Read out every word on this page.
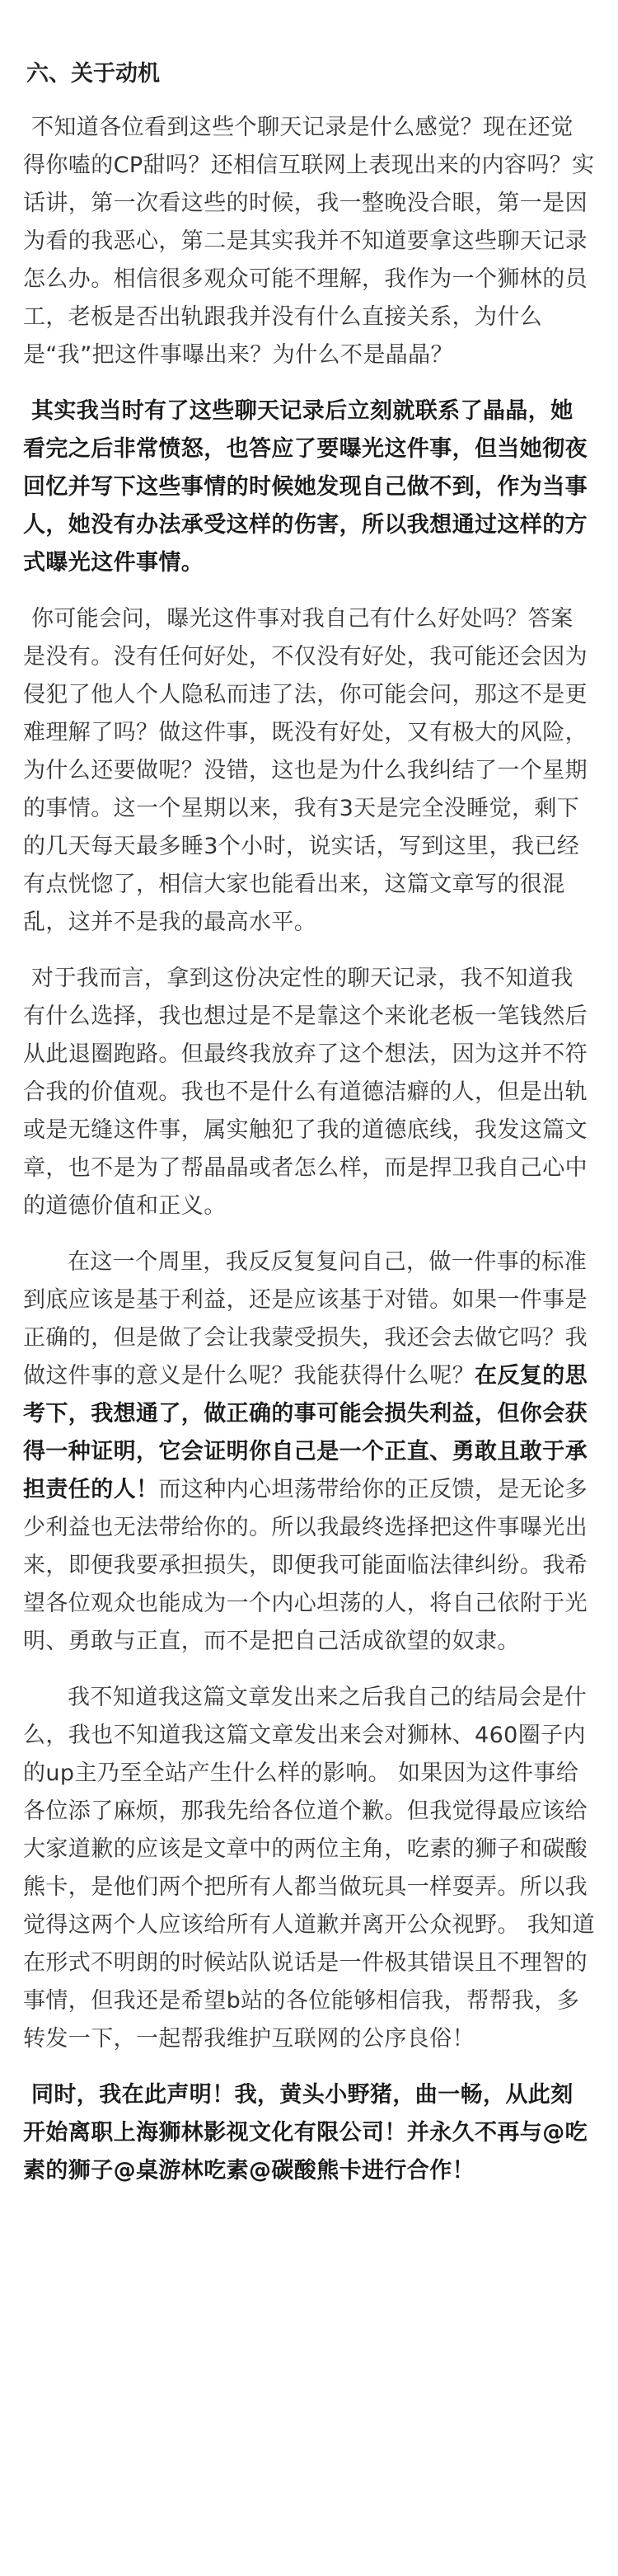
六、关于动机

不知道各位看到这些个聊天记录是什么感觉？现在还觉得你嗑的CP甜吗？还相信互联网上表现出来的内容吗？实话讲，第一次看这些的时候，我一整晚没合眼，第一是因为看的我恶心，第二是其实我并不知道要拿这些聊天记录怎么办。相信很多观众可能不理解，我作为一个狮林的员工，老板是否出轨跟我并没有什么直接关系，为什么是“我”把这件事曝出来？为什么不是晶晶？

其实我当时有了这些聊天记录后立刻就联系了晶晶，她看完之后非常愤怒，也答应了要曝光这件事，但当她彻夜回忆并写下这些事情的时候她发现自己做不到，作为当事人，她没有办法承受这样的伤害，所以我想通过这样的方式曝光这件事情。

你可能会问，曝光这件事对我自己有什么好处吗？答案是没有。没有任何好处，不仅没有好处，我可能还会因为侵犯了他人个人隐私而违了法，你可能会问，那这不是更难理解了吗？做这件事，既没有好处，又有极大的风险，为什么还要做呢？没错，这也是为什么我纠结了一个星期的事情。这一个星期以来，我有3天是完全没睡觉，剩下的几天每天最多睡3个小时，说实话，写到这里，我已经有点恍惚了，相信大家也能看出来，这篇文章写的很混乱，这并不是我的最高水平。

对于我而言，拿到这份决定性的聊天记录，我不知道我有什么选择，我也想过是不是靠这个来讹老板一笔钱然后从此退圈跑路。但最终我放弃了这个想法，因为这并不符合我的价值观。我也不是什么有道德洁癖的人，但是出轨或是无缝这件事，属实触犯了我的道德底线，我发这篇文章，也不是为了帮晶晶或者怎么样，而是捍卫我自己心中的道德价值和正义。

在这一个周里，我反反复复问自己，做一件事的标准到底应该是基于利益，还是应该基于对错。如果一件事是正确的，但是做了会让我蒙受损失，我还会去做它吗？我做这件事的意义是什么呢？我能获得什么呢？在反复的思考下，我想通了，做正确的事可能会损失利益，但你会获得一种证明，它会证明你自己是一个正直、勇敢且敢于承担责任的人！而这种内心坦荡带给你的正反馈，是无论多少利益也无法带给你的。所以我最终选择把这件事曝光出来，即便我要承担损失，即便我可能面临法律纠纷。我希望各位观众也能成为一个内心坦荡的人，将自己依附于光明、勇敢与正直，而不是把自己活成欲望的奴隶。

我不知道我这篇文章发出来之后我自己的结局会是什么，我也不知道我这篇文章发出来会对狮林、460圈子内的up主乃至全站产生什么样的影响。 如果因为这件事给各位添了麻烦，那我先给各位道个歉。但我觉得最应该给大家道歉的应该是文章中的两位主角，吃素的狮子和碳酸熊卡，是他们两个把所有人都当做玩具一样耍弄。所以我觉得这两个人应该给所有人道歉并离开公众视野。 我知道在形式不明朗的时候站队说话是一件极其错误且不理智的事情，但我还是希望b站的各位能够相信我，帮帮我，多转发一下，一起帮我维护互联网的公序良俗！

同时，我在此声明！我，黄头小野猪，曲一畅，从此刻开始离职上海狮林影视文化有限公司！并永久不再与@吃素的狮子@桌游林吃素@碳酸熊卡进行合作！
